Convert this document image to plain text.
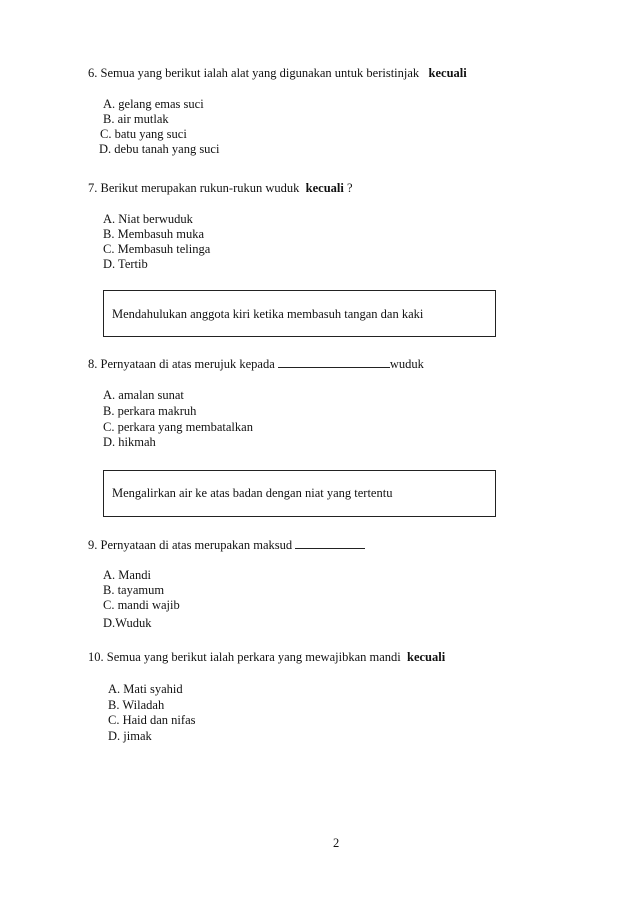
6. Semua yang berikut ialah alat yang digunakan untuk beristinjak kecuali
A. gelang emas suci
B. air mutlak
C. batu yang suci
D. debu tanah yang suci
7. Berikut merupakan rukun-rukun wuduk kecuali ?
A. Niat berwuduk
B. Membasuh muka
C. Membasuh telinga
D. Tertib
Mendahulukan anggota kiri ketika membasuh tangan dan kaki
8. Pernyataan di atas merujuk kepada	wuduk
A. amalan sunat
B. perkara makruh
C. perkara yang membatalkan
D. hikmah
Mengalirkan air ke atas badan dengan niat yang tertentu
9. Pernyataan di atas merupakan maksud
A. Mandi
B. tayamum
C. mandi wajib
D.Wuduk
10. Semua yang berikut ialah perkara yang mewajibkan mandi kecuali
A. Mati syahid
B. Wiladah
C. Haid dan nifas
D. jimak
2
